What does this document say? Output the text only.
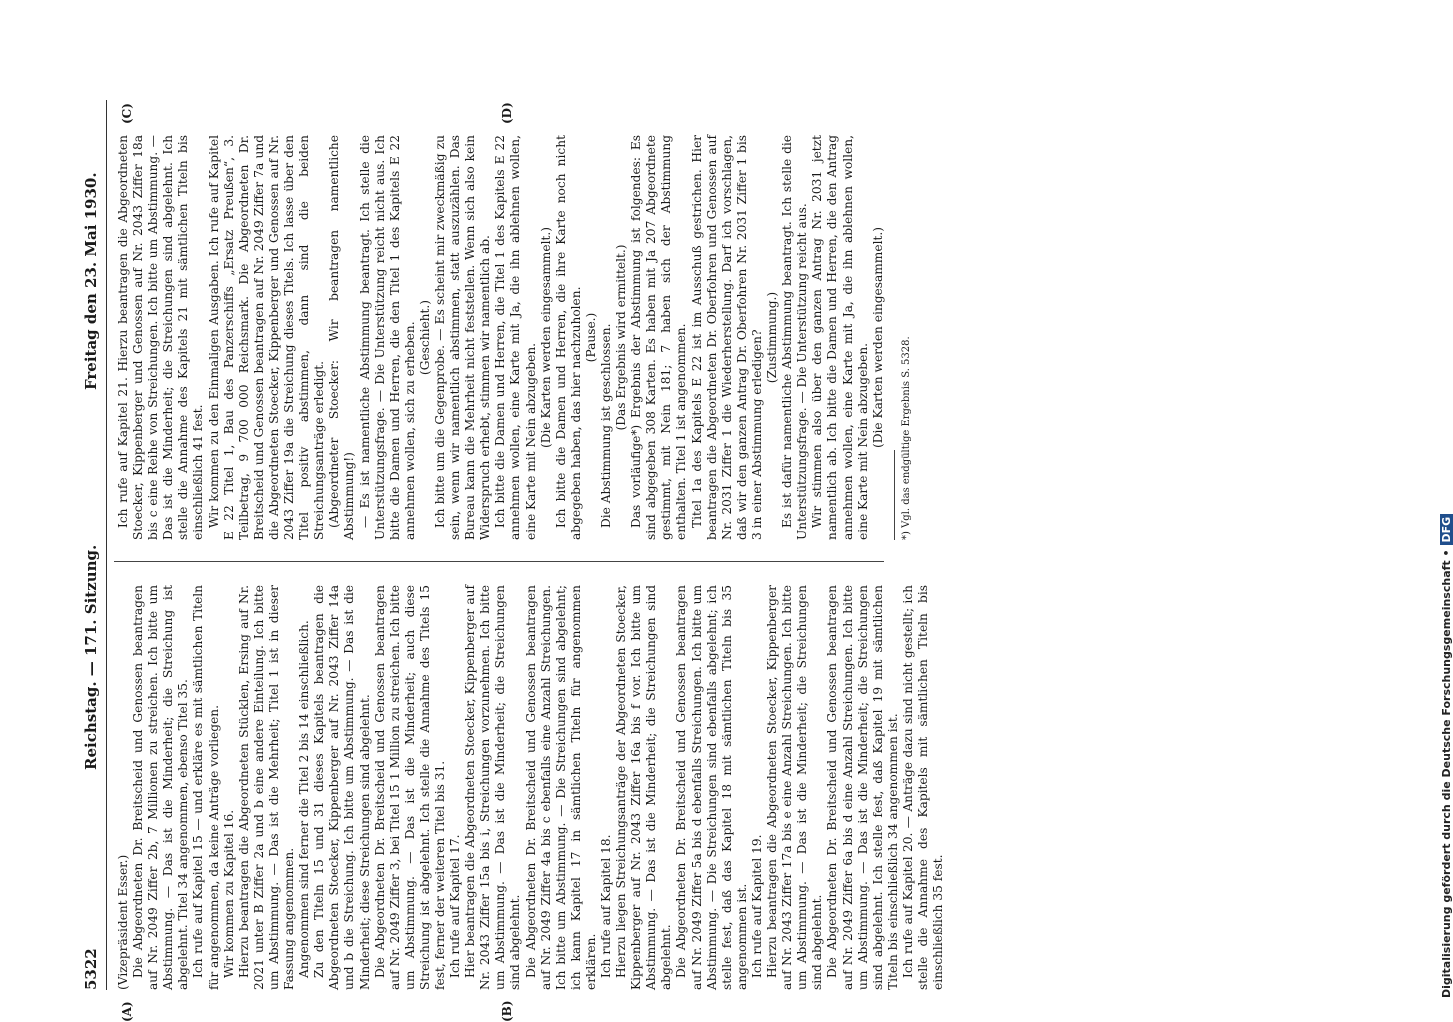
5322
Reichstag. — 171. Sitzung.
Freitag den 23. Mai 1930.
(A)	(B)
(C)	(D)

(Vizepräsident Esser.) Die Abgeordneten Dr. Breitscheid und Genossen beantragen auf Nr. 2049 Ziffer 2b, 7 Millionen zu streichen. Ich bitte um Abstimmung. — Das ist die Minderheit; die Streichung ist abgelehnt. Titel 34 angenommen, ebenso Titel 35. Ich rufe auf Kapitel 15 — und erkläre es mit sämtlichen Titeln für angenommen, da keine Anträge vorliegen. Wir kommen zu Kapitel 16. Hierzu beantragen die Abgeordneten Stücklen, Ersing auf Nr. 2021 unter B Ziffer 2a und b eine andere Einteilung. Ich bitte um Abstimmung. — Das ist die Mehrheit; Titel 1 ist in dieser Fassung angenommen. Angenommen sind ferner die Titel 2 bis 14 einschließlich. Zu den Titeln 15 und 31 dieses Kapitels beantragen die Abgeordneten Stoecker, Kippenberger auf Nr. 2043 Ziffer 14a und b die Streichung. Ich bitte um Abstimmung. — Das ist die Minderheit; diese Streichungen sind abgelehnt. Die Abgeordneten Dr. Breitscheid und Genossen beantragen auf Nr. 2049 Ziffer 3, bei Titel 15 1 Million zu streichen. Ich bitte um Abstimmung. — Das ist die Minderheit; auch diese Streichung ist abgelehnt. Ich stelle die Annahme des Titels 15 fest, ferner der weiteren Titel bis 31. Ich rufe auf Kapitel 17. Hier beantragen die Abgeordneten Stoecker, Kippenberger auf Nr. 2043 Ziffer 15a bis i, Streichungen vorzunehmen. Ich bitte um Abstimmung. — Das ist die Minderheit; die Streichungen sind abgelehnt. Die Abgeordneten Dr. Breitscheid und Genossen beantragen auf Nr. 2049 Ziffer 4a bis c ebenfalls eine Anzahl Streichungen. Ich bitte um Abstimmung. — Die Streichungen sind abgelehnt; ich kann Kapitel 17 in sämtlichen Titeln für angenommen erklären. Ich rufe auf Kapitel 18. Hierzu liegen Streichungsanträge der Abgeordneten Stoecker, Kippenberger auf Nr. 2043 Ziffer 16a bis f vor. Ich bitte um Abstimmung. — Das ist die Minderheit; die Streichungen sind abgelehnt. Die Abgeordneten Dr. Breitscheid und Genossen beantragen auf Nr. 2049 Ziffer 5a bis d ebenfalls Streichungen. Ich bitte um Abstimmung. — Die Streichungen sind ebenfalls abgelehnt; ich stelle fest, daß das Kapitel 18 mit sämtlichen Titeln bis 35 angenommen ist. Ich rufe auf Kapitel 19. Hierzu beantragen die Abgeordneten Stoecker, Kippenberger auf Nr. 2043 Ziffer 17a bis e eine Anzahl Streichungen. Ich bitte um Abstimmung. — Das ist die Minderheit; die Streichungen sind abgelehnt. Die Abgeordneten Dr. Breitscheid und Genossen beantragen auf Nr. 2049 Ziffer 6a bis d eine Anzahl Streichungen. Ich bitte um Abstimmung. — Das ist die Minderheit; die Streichungen sind abgelehnt. Ich stelle fest, daß Kapitel 19 mit sämtlichen Titeln bis einschließlich 34 angenommen ist. Ich rufe auf Kapitel 20. — Anträge dazu sind nicht gestellt; ich stelle die Annahme des Kapitels mit sämtlichen Titeln bis einschließlich 35 fest.

Ich rufe auf Kapitel 21. Hierzu beantragen die Abgeordneten Stoecker, Kippenberger und Genossen auf Nr. 2043 Ziffer 18a bis c eine Reihe von Streichungen. Ich bitte um Abstimmung. — Das ist die Minderheit; die Streichungen sind abgelehnt. Ich stelle die Annahme des Kapitels 21 mit sämtlichen Titeln bis einschließlich 41 fest. Wir kommen zu den Einmaligen Ausgaben. Ich rufe auf Kapitel E 22 Titel 1, Bau des Panzerschiffs „Ersatz Preußen“, 3. Teilbetrag, 9 700 000 Reichsmark. Die Abgeordneten Dr. Breitscheid und Genossen beantragen auf Nr. 2049 Ziffer 7a und die Abgeordneten Stoecker, Kippenberger und Genossen auf Nr. 2043 Ziffer 19a die Streichung dieses Titels. Ich lasse über den Titel positiv abstimmen, dann sind die beiden Streichungsanträge erledigt. (Abgeordneter Stoecker: Wir beantragen namentliche Abstimmung!) — Es ist namentliche Abstimmung beantragt. Ich stelle die Unterstützungsfrage. — Die Unterstützung reicht nicht aus. Ich bitte die Damen und Herren, die den Titel 1 des Kapitels E 22 annehmen wollen, sich zu erheben. (Geschieht.) Ich bitte um die Gegenprobe. — Es scheint mir zweckmäßig zu sein, wenn wir namentlich abstimmen, statt auszuzählen. Das Bureau kann die Mehrheit nicht feststellen. Wenn sich also kein Widerspruch erhebt, stimmen wir namentlich ab. Ich bitte die Damen und Herren, die Titel 1 des Kapitels E 22 annehmen wollen, eine Karte mit Ja, die ihn ablehnen wollen, eine Karte mit Nein abzugeben. (Die Karten werden eingesammelt.) Ich bitte die Damen und Herren, die ihre Karte noch nicht abgegeben haben, das hier nachzuholen. (Pause.) Die Abstimmung ist geschlossen. (Das Ergebnis wird ermittelt.) Das vorläufige*) Ergebnis der Abstimmung ist folgendes: Es sind abgegeben 308 Karten. Es haben mit Ja 207 Abgeordnete gestimmt, mit Nein 181; 7 haben sich der Abstimmung enthalten. Titel 1 ist angenommen. Titel 1a des Kapitels E 22 ist im Ausschuß gestrichen. Hier beantragen die Abgeordneten Dr. Oberfohren und Genossen auf Nr. 2031 Ziffer 1 die Wiederherstellung. Darf ich vorschlagen, daß wir den ganzen Antrag Dr. Oberfohren Nr. 2031 Ziffer 1 bis 3 in einer Abstimmung erledigen? (Zustimmung.) Es ist dafür namentliche Abstimmung beantragt. Ich stelle die Unterstützungsfrage. — Die Unterstützung reicht aus. Wir stimmen also über den ganzen Antrag Nr. 2031 jetzt namentlich ab. Ich bitte die Damen und Herren, die den Antrag annehmen wollen, eine Karte mit Ja, die ihn ablehnen wollen, eine Karte mit Nein abzugeben. (Die Karten werden eingesammelt.) *) Vgl. das endgültige Ergebnis S. 5328.
Digitalisierung gefördert durch die Deutsche Forschungsgemeinschaft •DFG
